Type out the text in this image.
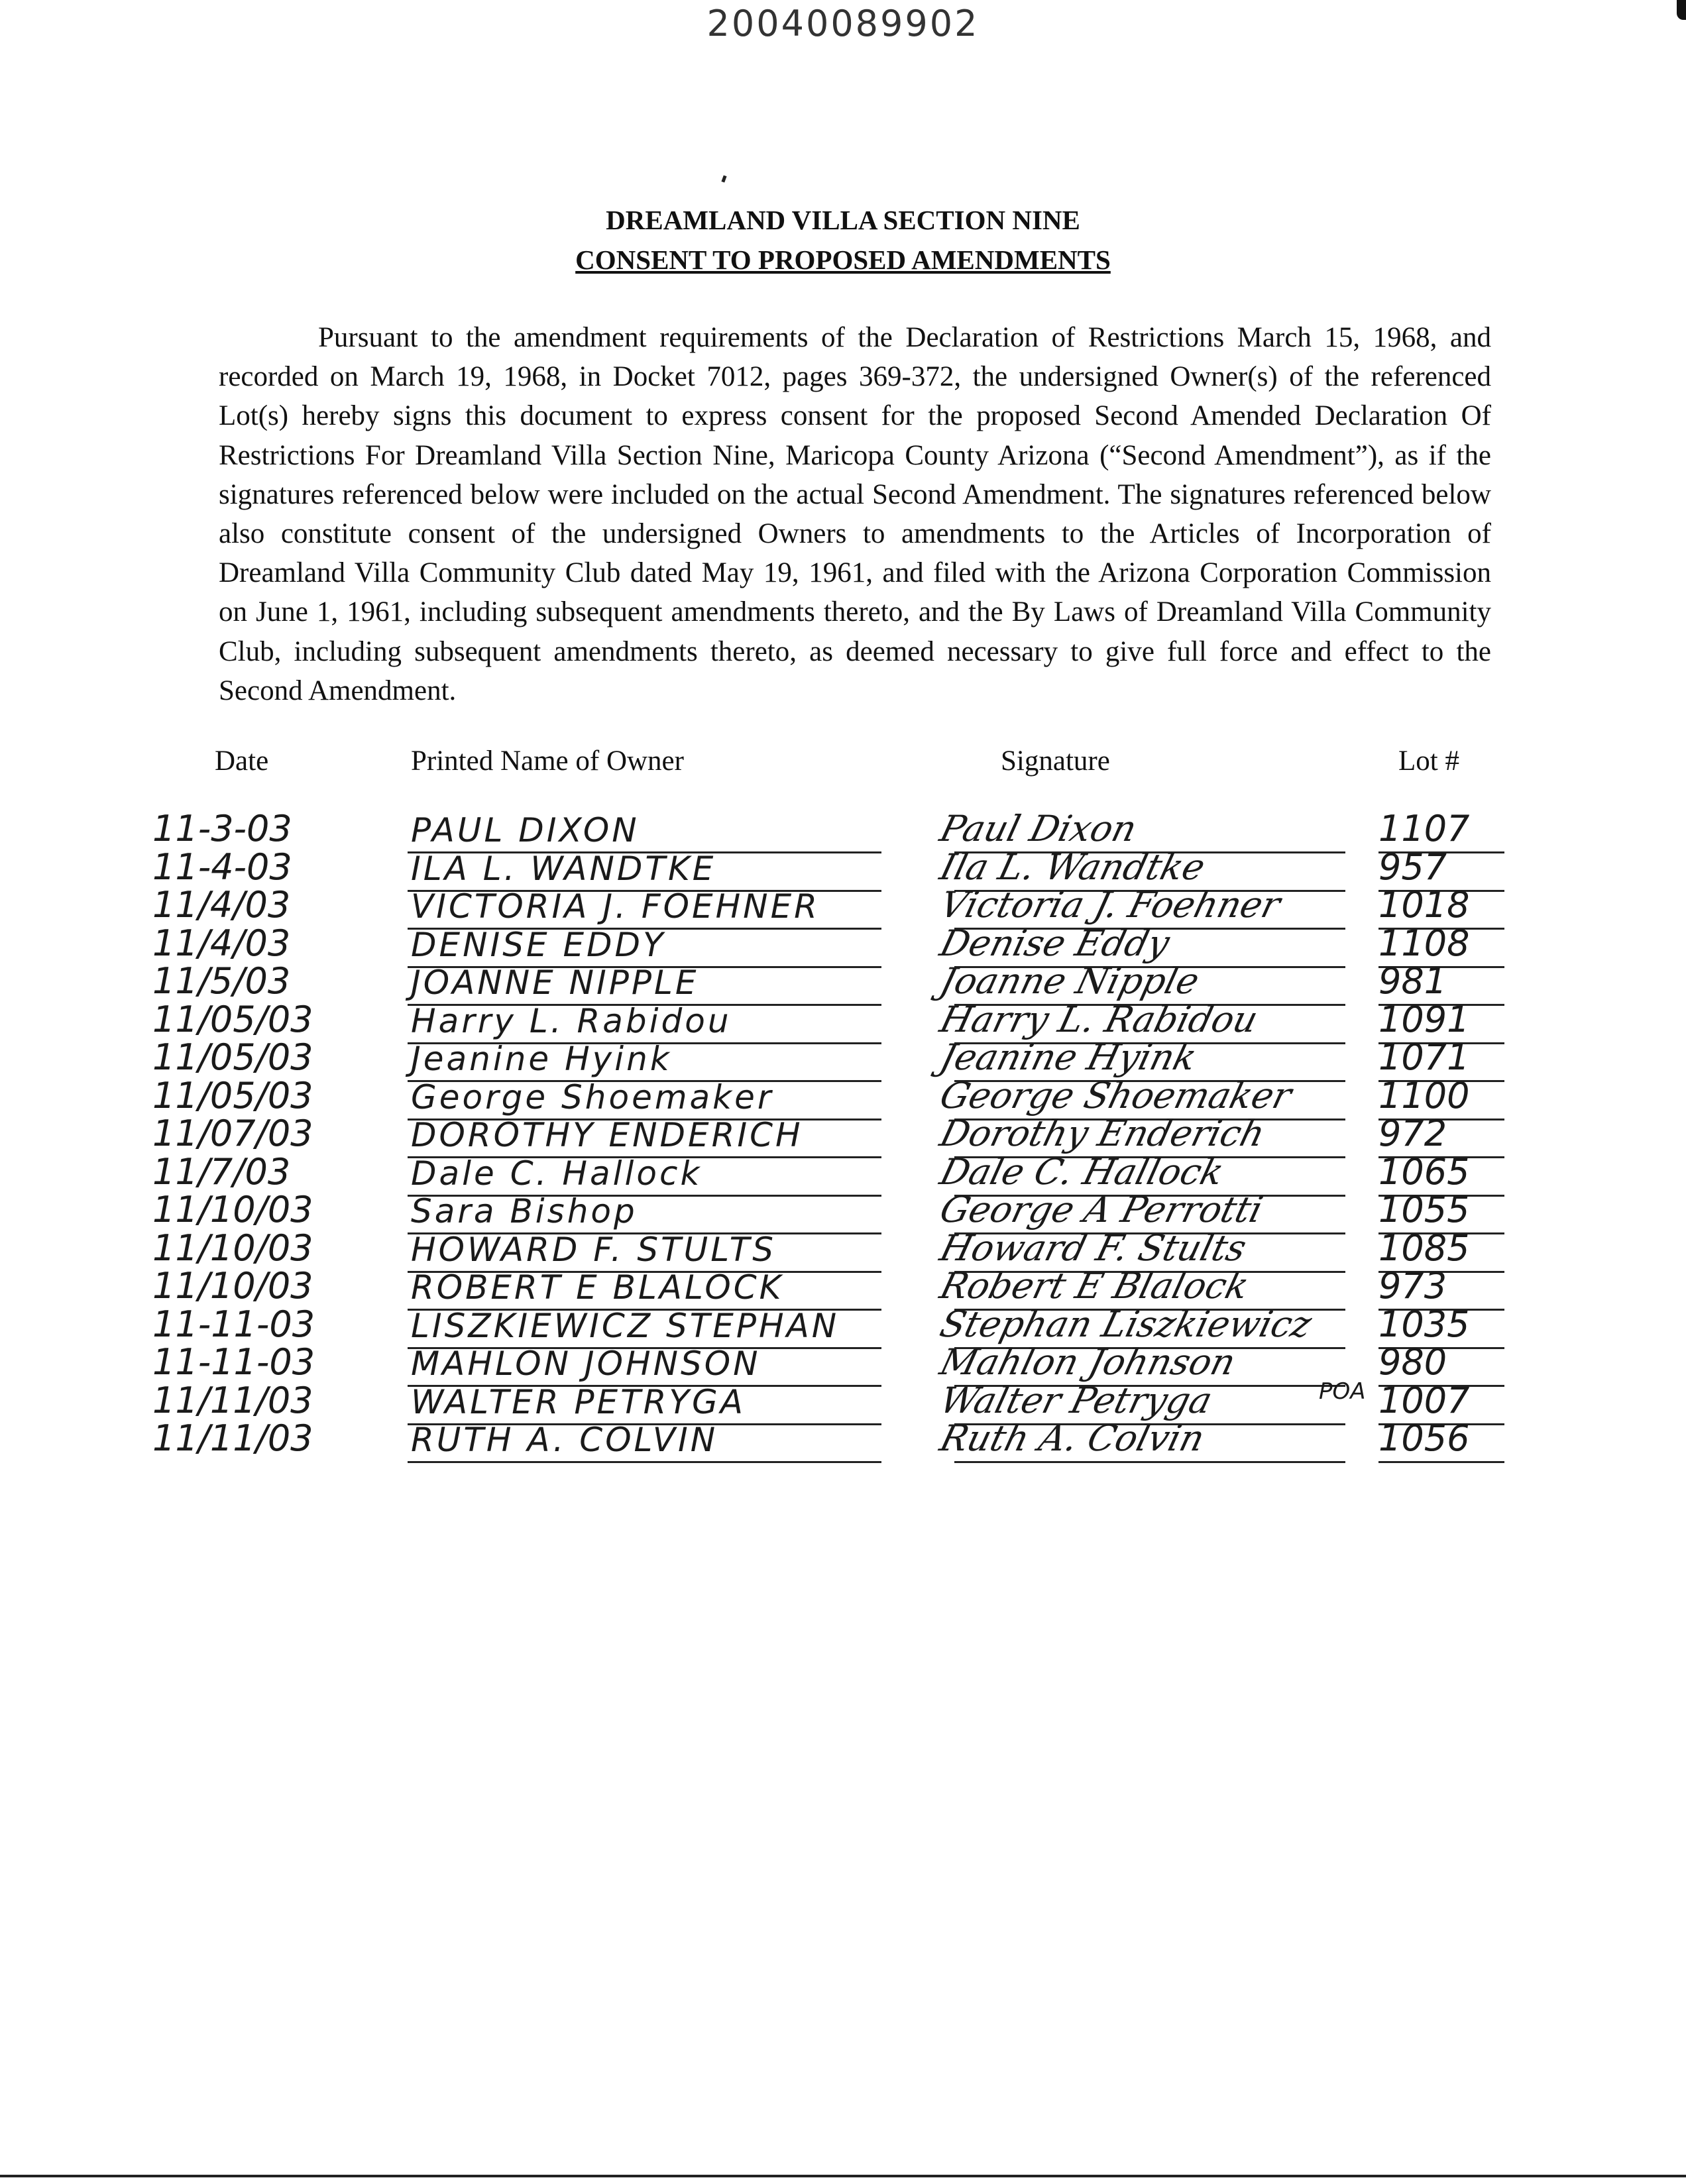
20040089902
DREAMLAND VILLA SECTION NINE
CONSENT TO PROPOSED AMENDMENTS
Pursuant to the amendment requirements of the Declaration of Restrictions March 15, 1968, and recorded on March 19, 1968, in Docket 7012, pages 369-372, the undersigned Owner(s) of the referenced Lot(s) hereby signs this document to express consent for the proposed Second Amended Declaration Of Restrictions For Dreamland Villa Section Nine, Maricopa County Arizona (“Second Amendment”), as if the signatures referenced below were included on the actual Second Amendment. The signatures referenced below also constitute consent of the undersigned Owners to amendments to the Articles of Incorporation of Dreamland Villa Community Club dated May 19, 1961, and filed with the Arizona Corporation Commission on June 1, 1961, including subsequent amendments thereto, and the By Laws of Dreamland Villa Community Club, including subsequent amendments thereto, as deemed necessary to give full force and effect to the Second Amendment.
Date	Printed Name of Owner	Signature	Lot #
11-3-03	PAUL DIXON	Paul Dixon	1107
11-4-03	ILA L. WANDTKE	Ila L. Wandtke	957
11/4/03	VICTORIA J. FOEHNER	Victoria J. Foehner	1018
11/4/03	DENISE EDDY	Denise Eddy	1108
11/5/03	JOANNE NIPPLE	Joanne Nipple	981
11/05/03	Harry L. Rabidou	Harry L. Rabidou	1091
11/05/03	Jeanine Hyink	Jeanine Hyink	1071
11/05/03	George Shoemaker	George Shoemaker	1100
11/07/03	DOROTHY ENDERICH	Dorothy Enderich	972
11/7/03	Dale C. Hallock	Dale C. Hallock	1065
11/10/03	Sara Bishop	George A Perrotti	1055
11/10/03	HOWARD F. STULTS	Howard F. Stults	1085
11/10/03	ROBERT E BLALOCK	Robert E Blalock	973
11-11-03	LISZKIEWICZ STEPHAN	Stephan Liszkiewicz	1035
11-11-03	MAHLON JOHNSON	Mahlon Johnson	980
11/11/03	WALTER PETRYGA	Walter Petryga	1007
11/11/03	RUTH A. COLVIN	Ruth A. Colvin	1056
POA
